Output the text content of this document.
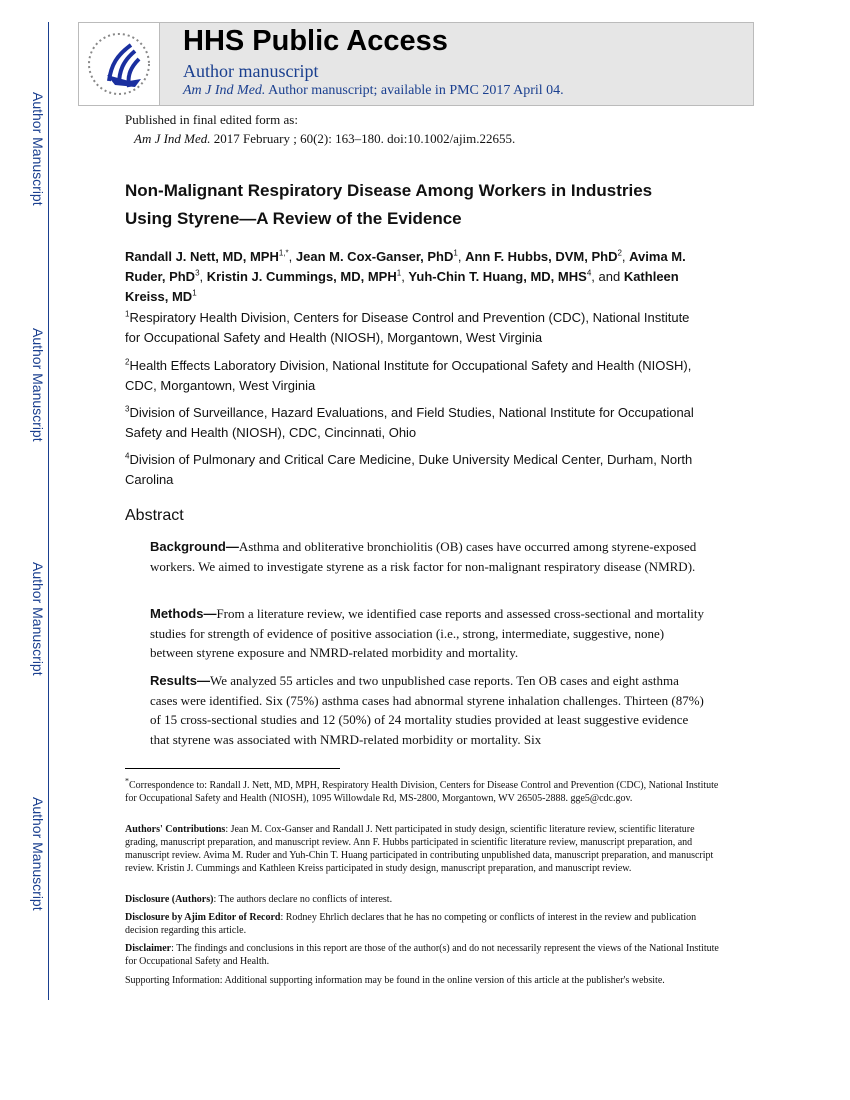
Author Manuscript
Author Manuscript
Author Manuscript
Author Manuscript
HHS Public Access
Author manuscript
Am J Ind Med. Author manuscript; available in PMC 2017 April 04.
Published in final edited form as:
Am J Ind Med. 2017 February ; 60(2): 163–180. doi:10.1002/ajim.22655.
Non-Malignant Respiratory Disease Among Workers in Industries Using Styrene—A Review of the Evidence
Randall J. Nett, MD, $MPH^{1,*}$, Jean M. Cox-Ganser, PhD$^1$, Ann F. Hubbs, DVM, PhD$^2$, Avima M. Ruder, PhD$^3$, Kristin J. Cummings, MD, MPH$^1$, Yuh-Chin T. Huang, MD, MHS$^4$, and Kathleen Kreiss, $MD^1$
$^1$Respiratory Health Division, Centers for Disease Control and Prevention (CDC), National Institute for Occupational Safety and Health (NIOSH), Morgantown, West Virginia
$^2$Health Effects Laboratory Division, National Institute for Occupational Safety and Health (NIOSH), CDC, Morgantown, West Virginia
$^3$Division of Surveillance, Hazard Evaluations, and Field Studies, National Institute for Occupational Safety and Health (NIOSH), CDC, Cincinnati, Ohio
$^4$Division of Pulmonary and Critical Care Medicine, Duke University Medical Center, Durham, North Carolina
Abstract
Background—Asthma and obliterative bronchiolitis (OB) cases have occurred among styrene-exposed workers. We aimed to investigate styrene as a risk factor for non-malignant respiratory disease (NMRD).
Methods—From a literature review, we identified case reports and assessed cross-sectional and mortality studies for strength of evidence of positive association (i.e., strong, intermediate, suggestive, none) between styrene exposure and NMRD-related morbidity and mortality.
Results—We analyzed 55 articles and two unpublished case reports. Ten OB cases and eight asthma cases were identified. Six (75%) asthma cases had abnormal styrene inhalation challenges. Thirteen (87%) of 15 cross-sectional studies and 12 (50%) of 24 mortality studies provided at least suggestive evidence that styrene was associated with NMRD-related morbidity or mortality. Six
*Correspondence to: Randall J. Nett, MD, MPH, Respiratory Health Division, Centers for Disease Control and Prevention (CDC), National Institute for Occupational Safety and Health (NIOSH), 1095 Willowdale Rd, MS-2800, Morgantown, WV 26505-2888. gge5@cdc.gov.
Authors' Contributions: Jean M. Cox-Ganser and Randall J. Nett participated in study design, scientific literature review, scientific literature grading, manuscript preparation, and manuscript review. Ann F. Hubbs participated in scientific literature review, manuscript preparation, and manuscript review. Avima M. Ruder and Yuh-Chin T. Huang participated in contributing unpublished data, manuscript preparation, and manuscript review. Kristin J. Cummings and Kathleen Kreiss participated in study design, manuscript preparation, and manuscript review.
Disclosure (Authors): The authors declare no conflicts of interest.
Disclosure by Ajim Editor of Record: Rodney Ehrlich declares that he has no competing or conflicts of interest in the review and publication decision regarding this article.
Disclaimer: The findings and conclusions in this report are those of the author(s) and do not necessarily represent the views of the National Institute for Occupational Safety and Health.
Supporting Information: Additional supporting information may be found in the online version of this article at the publisher's website.
